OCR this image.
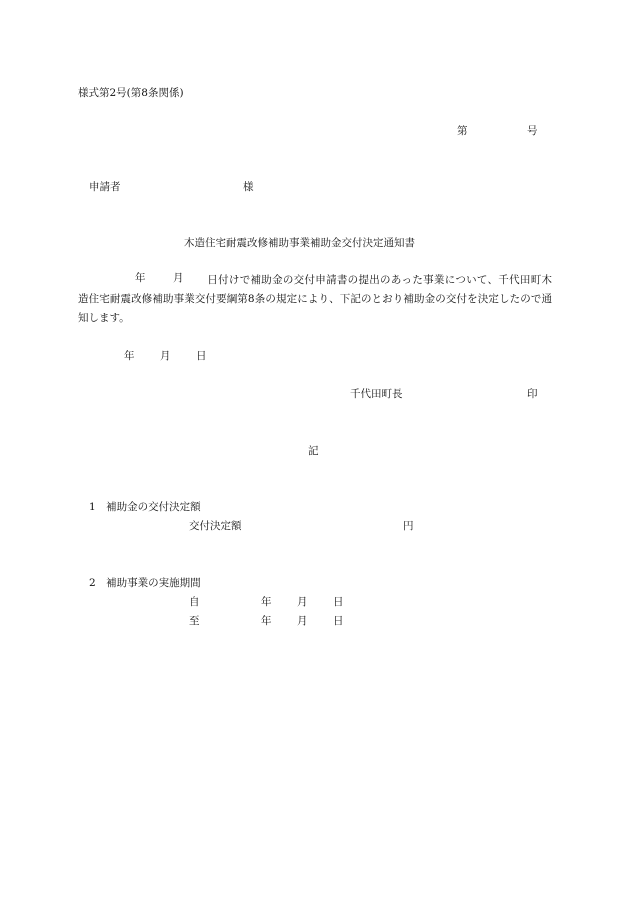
様式第2号(第8条関係)
第	号
申請者	様
木造住宅耐震改修補助事業補助金交付決定通知書
年	月	日付けで補助金の交付申請書の提出のあった事業について、千代田町木造住宅耐震改修補助事業交付要綱第8条の規定により、下記のとおり補助金の交付を決定したので通知します。
年 月 日
千代田町長	印
記
1　補助金の交付決定額
交付決定額	円
2　補助事業の実施期間
自	年 月 日
至	年 月 日
